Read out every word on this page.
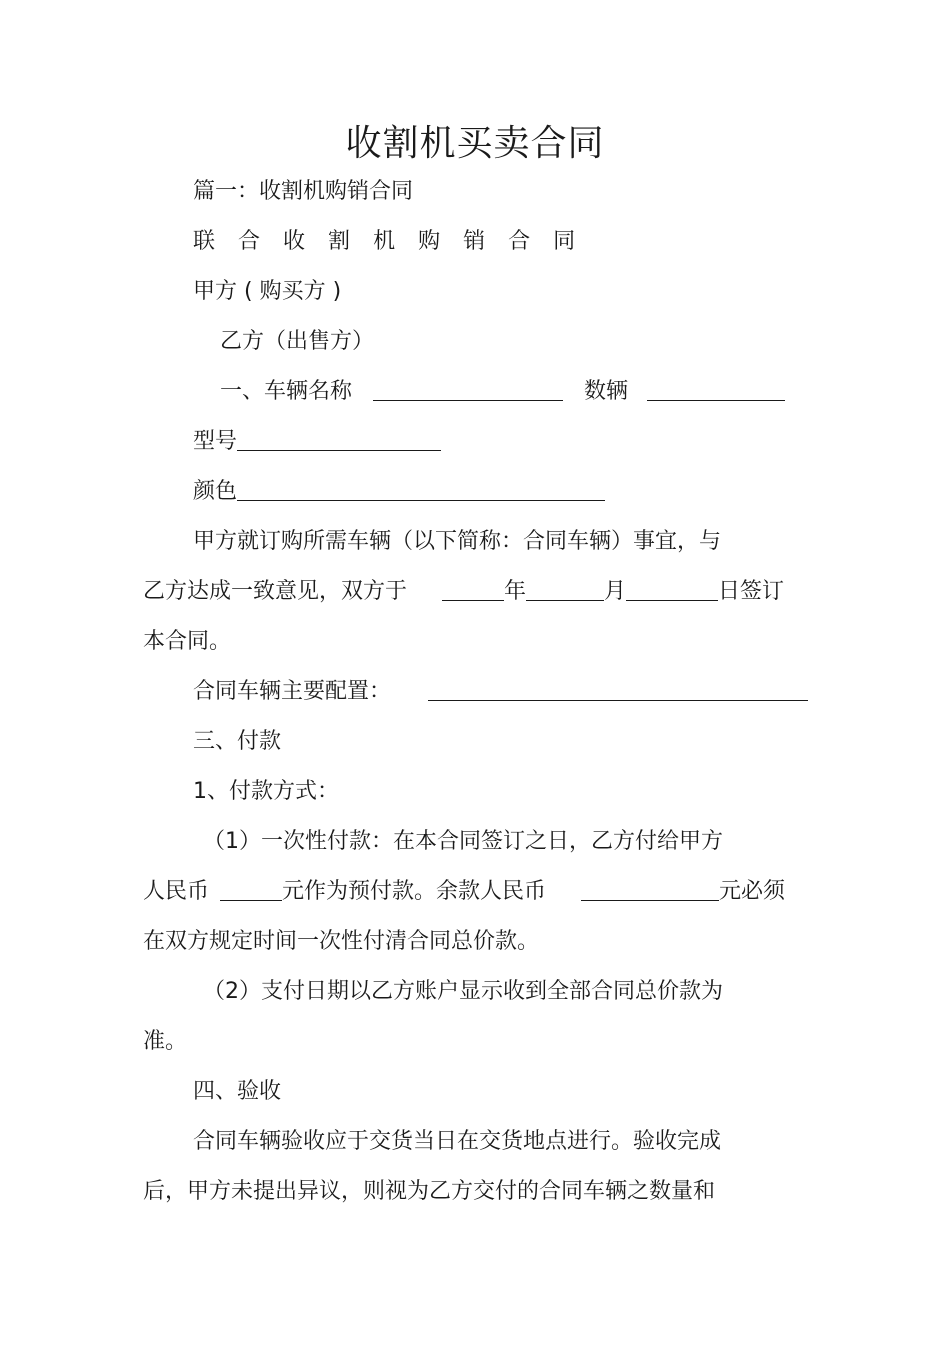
收割机买卖合同
篇一：收割机购销合同
联 合 收 割 机 购 销 合 同
甲方 ( 购买方 )
乙方（出售方）
一、车辆名称	数辆
型号
颜色
甲方就订购所需车辆（以下简称：合同车辆）事宜，与
乙方达成一致意见，双方于	年	月	日签订
本合同。
合同车辆主要配置：
三、付款
1、付款方式：
（1）一次性付款：在本合同签订之日，乙方付给甲方
人民币	元作为预付款。余款人民币	元必须
在双方规定时间一次性付清合同总价款。
（2）支付日期以乙方账户显示收到全部合同总价款为
准。
四、验收
合同车辆验收应于交货当日在交货地点进行。验收完成
后，甲方未提出异议，则视为乙方交付的合同车辆之数量和
